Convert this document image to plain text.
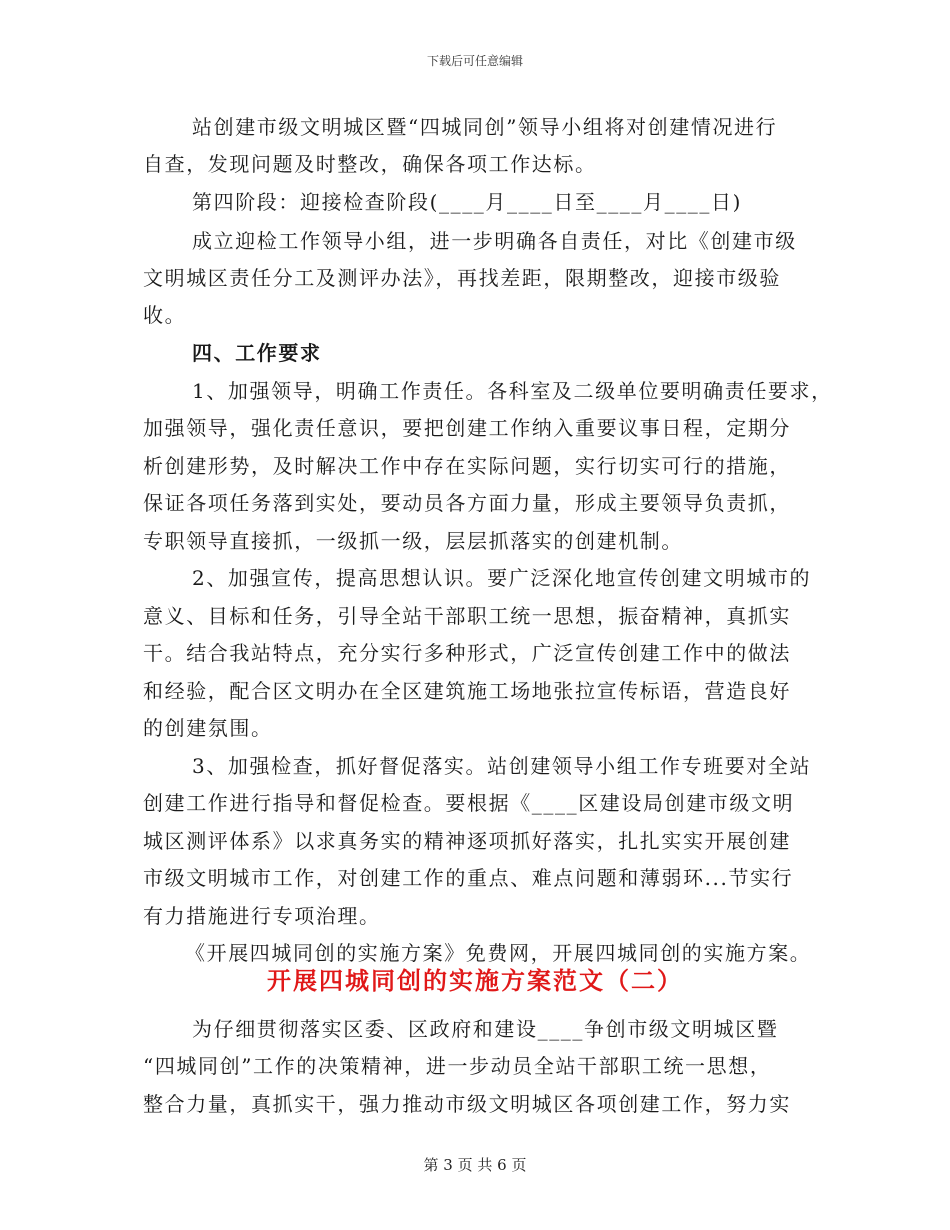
下载后可任意编辑
站创建市级文明城区暨“四城同创”领导小组将对创建情况进行
自查，发现问题及时整改，确保各项工作达标。
第四阶段：迎接检查阶段(____月____日至____月____日)
成立迎检工作领导小组，进一步明确各自责任，对比《创建市级
文明城区责任分工及测评办法》，再找差距，限期整改，迎接市级验
收。
四、工作要求
1、加强领导，明确工作责任。各科室及二级单位要明确责任要求，
加强领导，强化责任意识，要把创建工作纳入重要议事日程，定期分
析创建形势，及时解决工作中存在实际问题，实行切实可行的措施，
保证各项任务落到实处，要动员各方面力量，形成主要领导负责抓，
专职领导直接抓，一级抓一级，层层抓落实的创建机制。
2、加强宣传，提高思想认识。要广泛深化地宣传创建文明城市的
意义、目标和任务，引导全站干部职工统一思想，振奋精神，真抓实
干。结合我站特点，充分实行多种形式，广泛宣传创建工作中的做法
和经验，配合区文明办在全区建筑施工场地张拉宣传标语，营造良好
的创建氛围。
3、加强检查，抓好督促落实。站创建领导小组工作专班要对全站
创建工作进行指导和督促检查。要根据《____区建设局创建市级文明
城区测评体系》以求真务实的精神逐项抓好落实，扎扎实实开展创建
市级文明城市工作，对创建工作的重点、难点问题和薄弱环...节实行
有力措施进行专项治理。
《开展四城同创的实施方案》免费网，开展四城同创的实施方案。
开展四城同创的实施方案范文（二）
为仔细贯彻落实区委、区政府和建设____争创市级文明城区暨
“四城同创”工作的决策精神，进一步动员全站干部职工统一思想，
整合力量，真抓实干，强力推动市级文明城区各项创建工作，努力实
第 3 页 共 6 页
